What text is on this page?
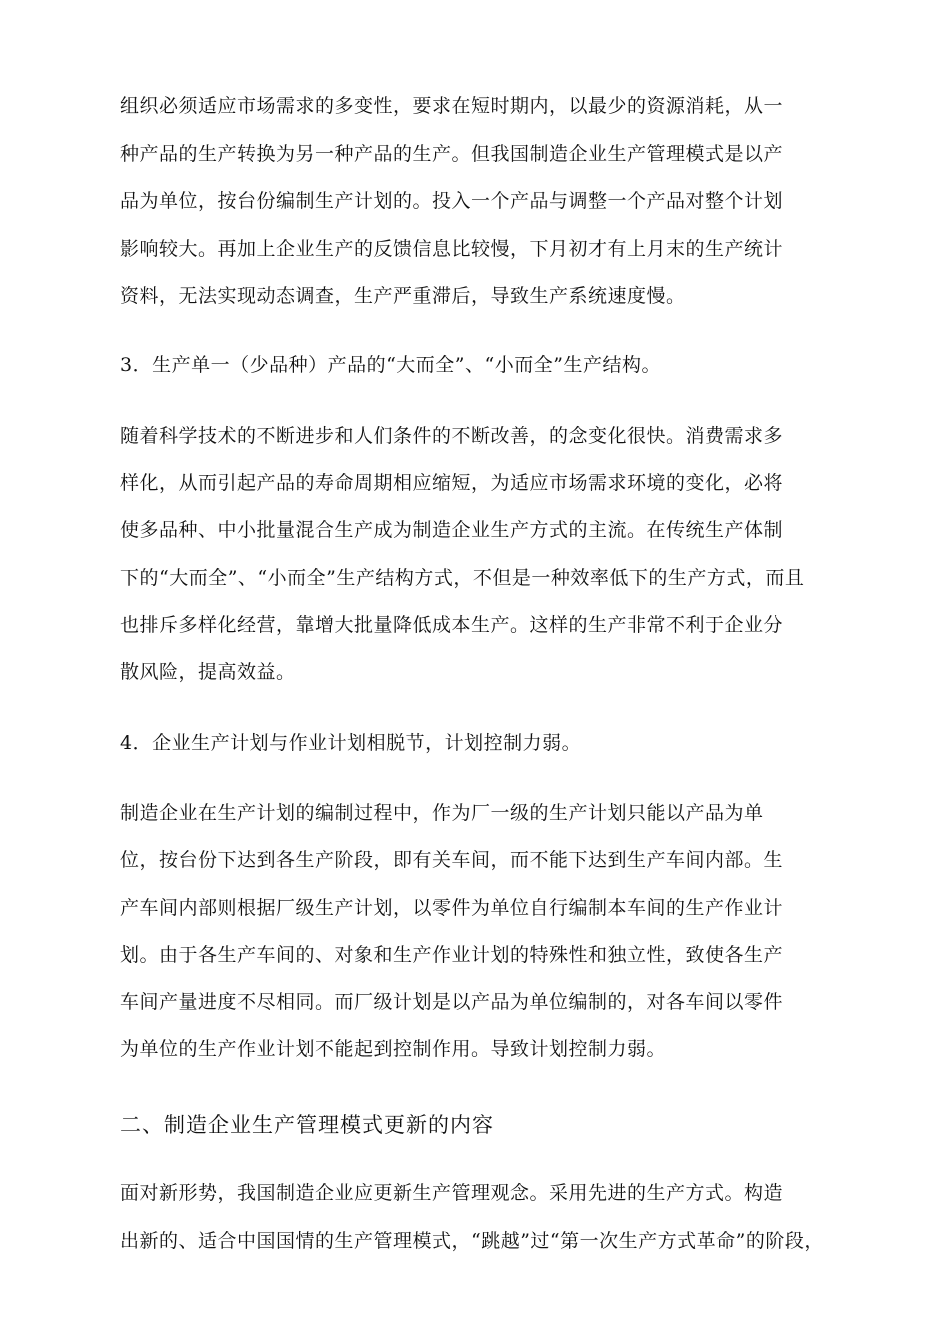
组织必须适应市场需求的多变性，要求在短时期内，以最少的资源消耗，从一
种产品的生产转换为另一种产品的生产。但我国制造企业生产管理模式是以产
品为单位，按台份编制生产计划的。投入一个产品与调整一个产品对整个计划
影响较大。再加上企业生产的反馈信息比较慢，下月初才有上月末的生产统计
资料，无法实现动态调查，生产严重滞后，导致生产系统速度慢。
3．生产单一（少品种）产品的“大而全”、“小而全”生产结构。
随着科学技术的不断进步和人们条件的不断改善，的念变化很快。消费需求多
样化，从而引起产品的寿命周期相应缩短，为适应市场需求环境的变化，必将
使多品种、中小批量混合生产成为制造企业生产方式的主流。在传统生产体制
下的“大而全”、“小而全”生产结构方式，不但是一种效率低下的生产方式，而且
也排斥多样化经营，靠增大批量降低成本生产。这样的生产非常不利于企业分
散风险，提高效益。
4．企业生产计划与作业计划相脱节，计划控制力弱。
制造企业在生产计划的编制过程中，作为厂一级的生产计划只能以产品为单
位，按台份下达到各生产阶段，即有关车间，而不能下达到生产车间内部。生
产车间内部则根据厂级生产计划，以零件为单位自行编制本车间的生产作业计
划。由于各生产车间的、对象和生产作业计划的特殊性和独立性，致使各生产
车间产量进度不尽相同。而厂级计划是以产品为单位编制的，对各车间以零件
为单位的生产作业计划不能起到控制作用。导致计划控制力弱。
二、制造企业生产管理模式更新的内容
面对新形势，我国制造企业应更新生产管理观念。采用先进的生产方式。构造
出新的、适合中国国情的生产管理模式，“跳越”过“第一次生产方式革命”的阶段，
